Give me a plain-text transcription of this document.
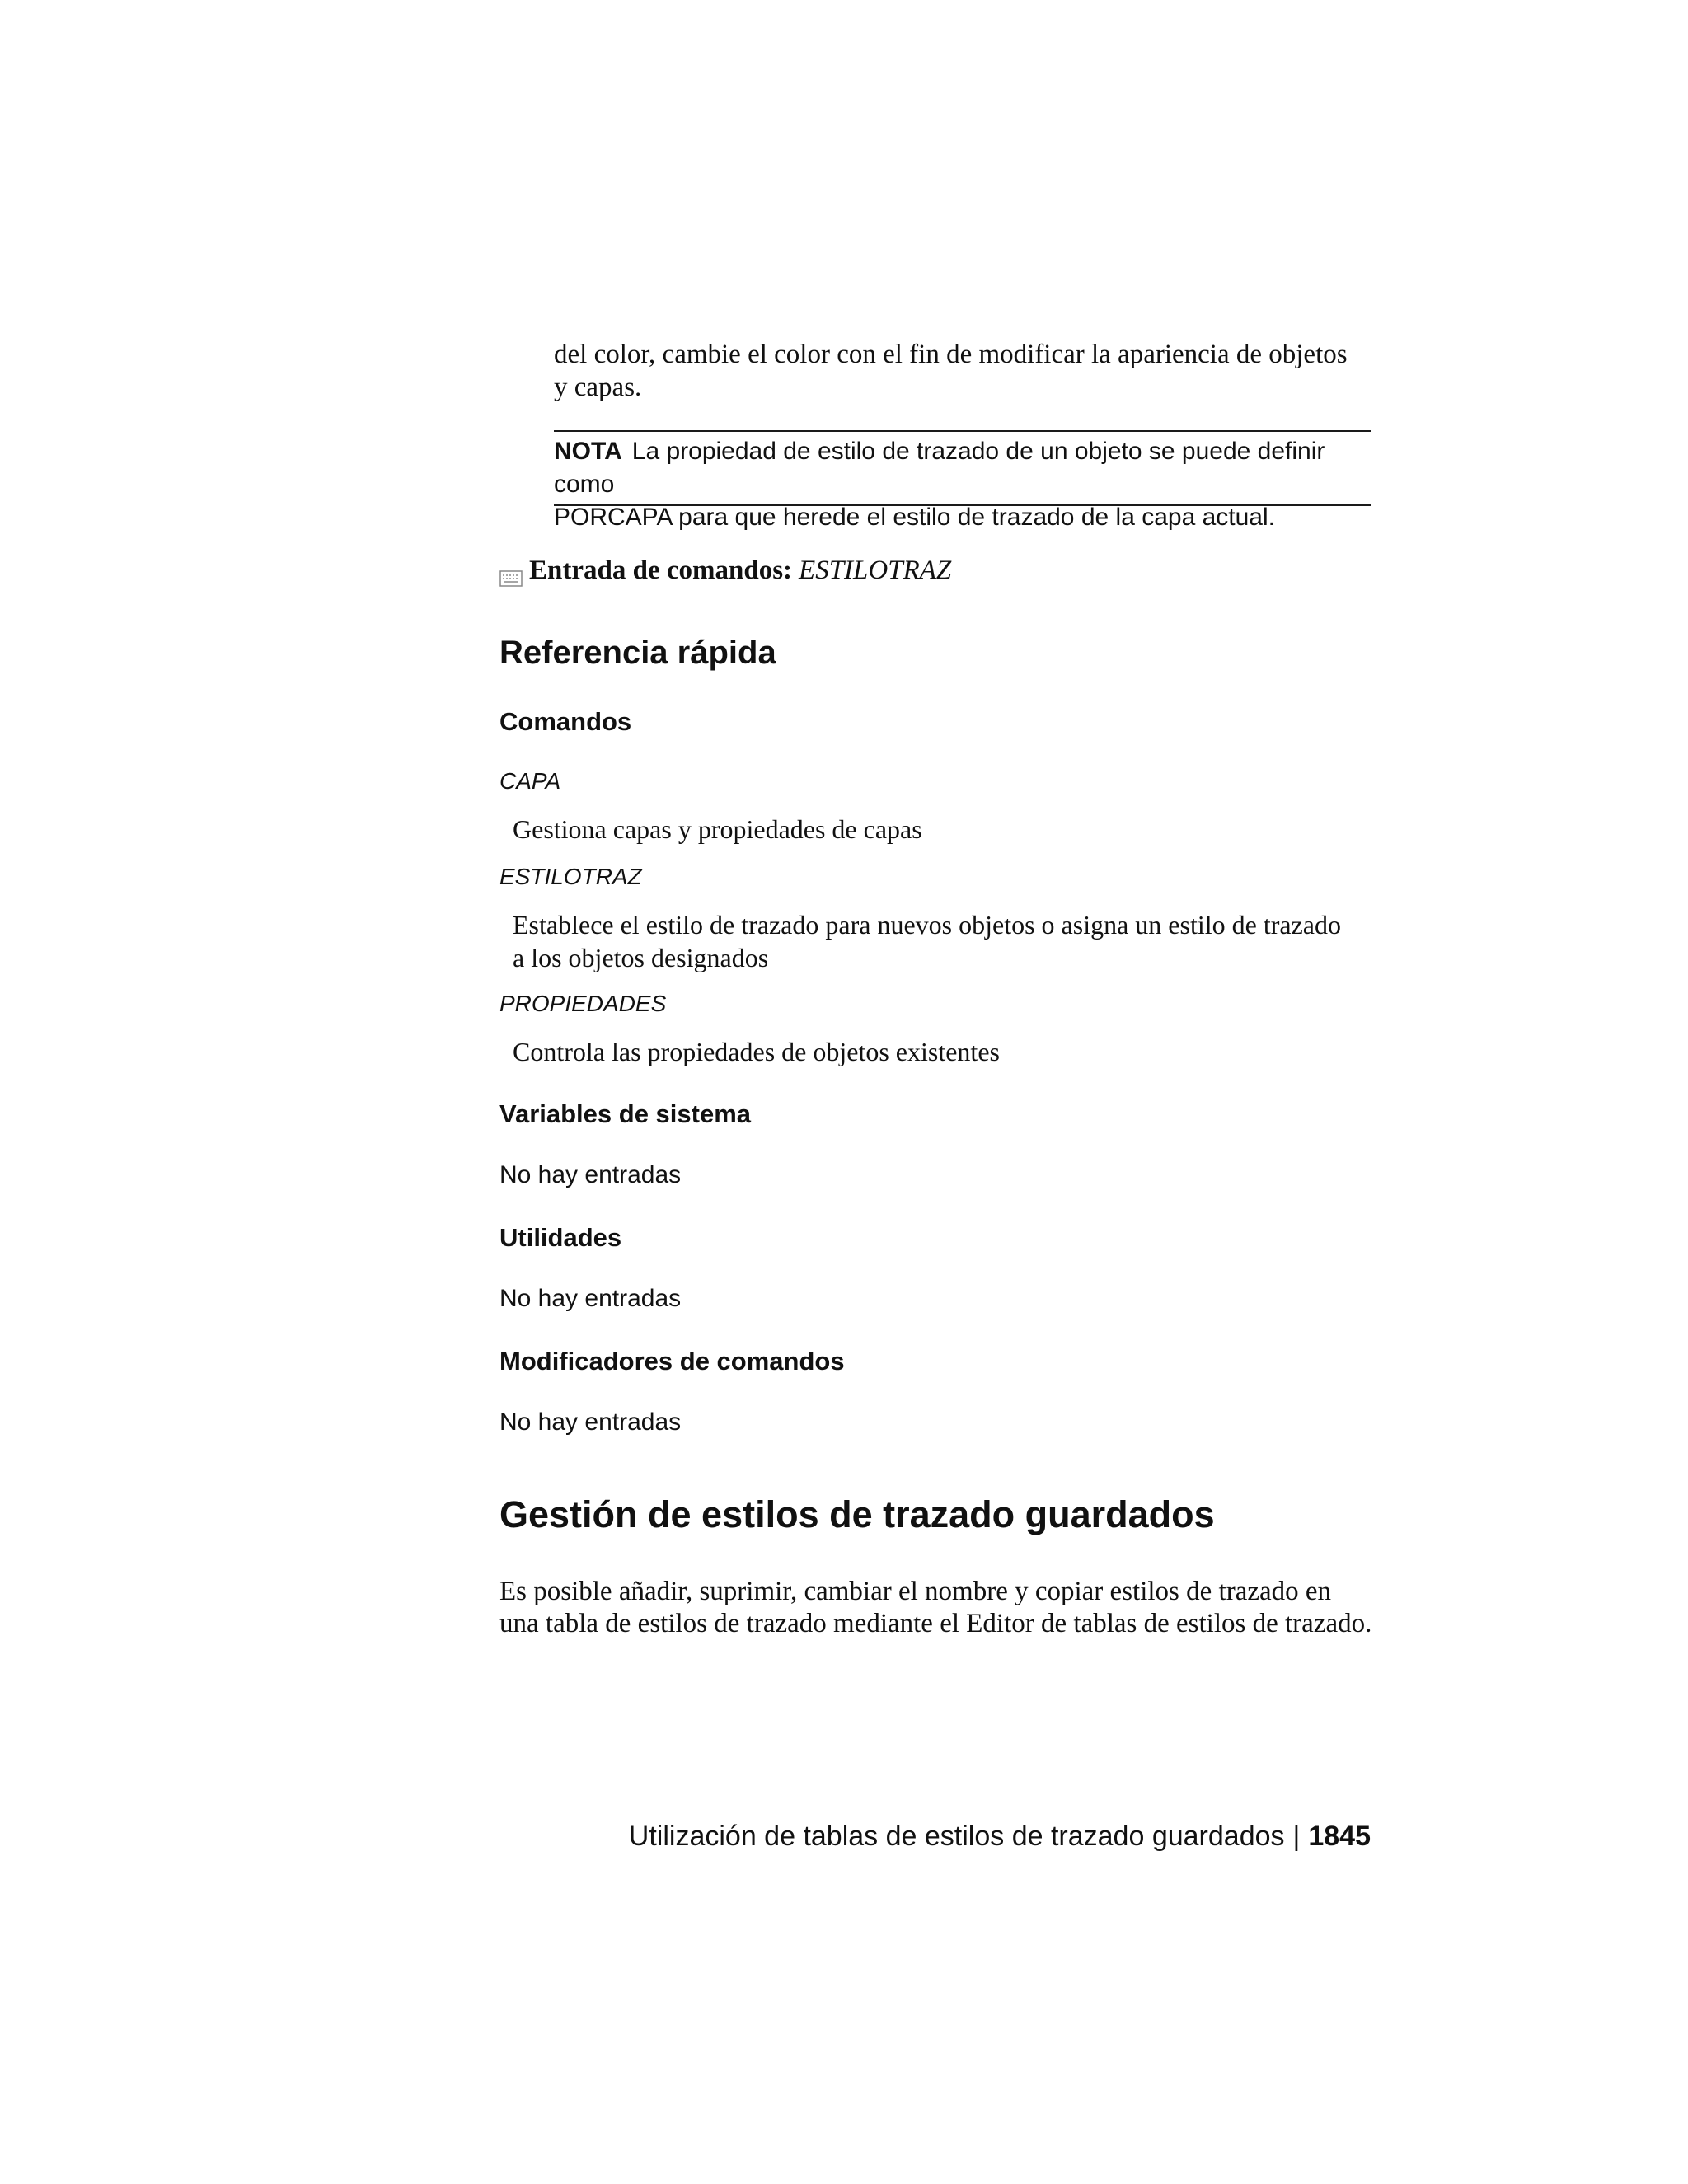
del color, cambie el color con el fin de modificar la apariencia de objetos
y capas.
NOTA La propiedad de estilo de trazado de un objeto se puede definir como
PORCAPA para que herede el estilo de trazado de la capa actual.
Entrada de comandos: ESTILOTRAZ
Referencia rápida
Comandos
CAPA
Gestiona capas y propiedades de capas
ESTILOTRAZ
Establece el estilo de trazado para nuevos objetos o asigna un estilo de trazado
a los objetos designados
PROPIEDADES
Controla las propiedades de objetos existentes
Variables de sistema
No hay entradas
Utilidades
No hay entradas
Modificadores de comandos
No hay entradas
Gestión de estilos de trazado guardados
Es posible añadir, suprimir, cambiar el nombre y copiar estilos de trazado en
una tabla de estilos de trazado mediante el Editor de tablas de estilos de trazado.
Utilización de tablas de estilos de trazado guardados | 1845
